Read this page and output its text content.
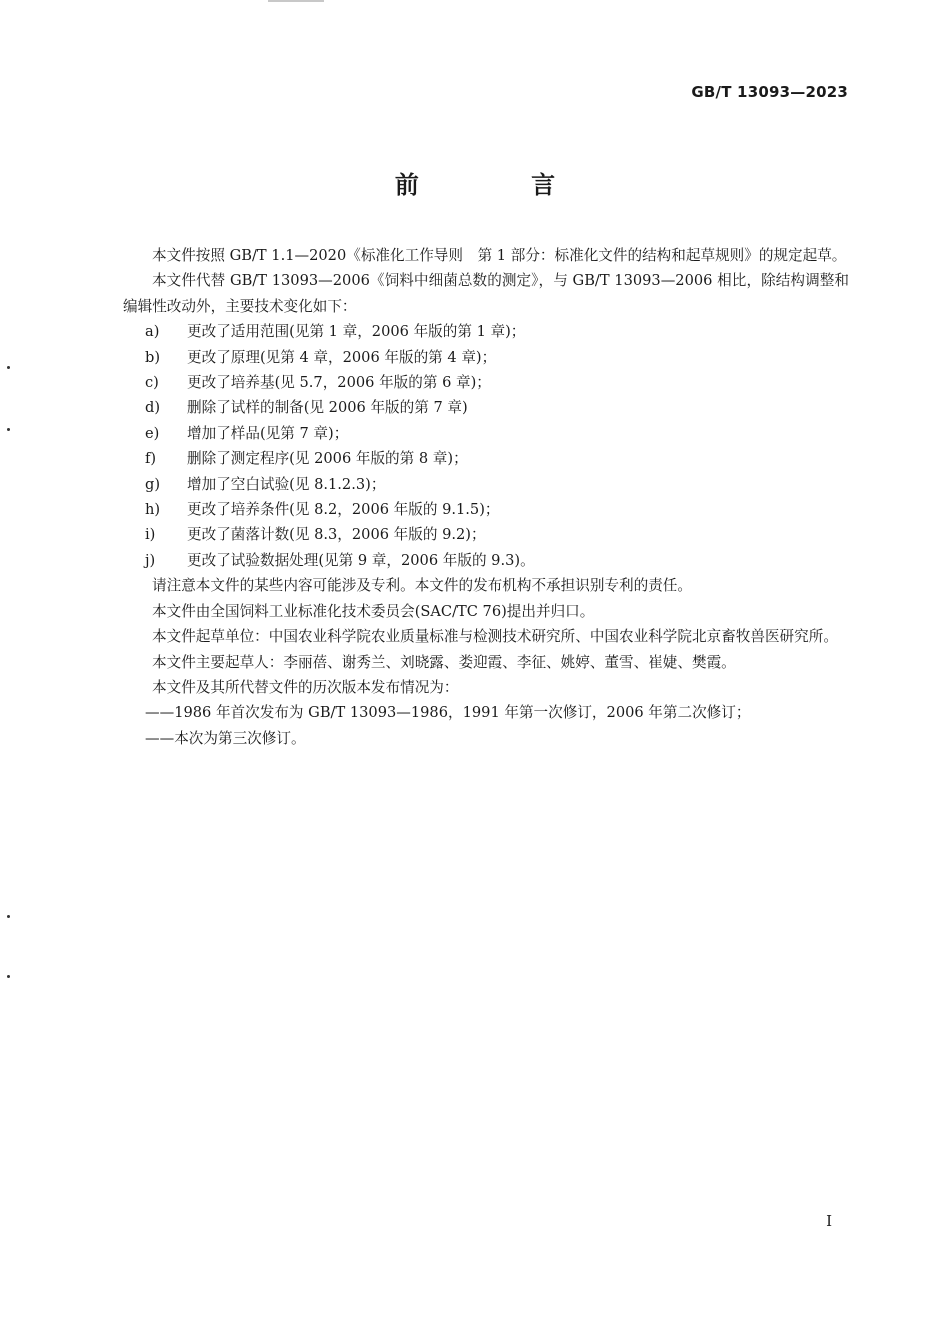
GB/T 13093—2023
前 言

本文件按照 GB/T 1.1—2020《标准化工作导则　第 1 部分：标准化文件的结构和起草规则》的规定起草。

本文件代替 GB/T 13093—2006《饲料中细菌总数的测定》，与 GB/T 13093—2006 相比，除结构调整和编辑性改动外，主要技术变化如下：

a)	更改了适用范围(见第 1 章，2006 年版的第 1 章)；

b)	更改了原理(见第 4 章，2006 年版的第 4 章)；

c)	更改了培养基(见 5.7，2006 年版的第 6 章)；

d)	删除了试样的制备(见 2006 年版的第 7 章)

e)	增加了样品(见第 7 章)；

f)	删除了测定程序(见 2006 年版的第 8 章)；

g)	增加了空白试验(见 8.1.2.3)；

h)	更改了培养条件(见 8.2，2006 年版的 9.1.5)；

i)	更改了菌落计数(见 8.3，2006 年版的 9.2)；

j)	更改了试验数据处理(见第 9 章，2006 年版的 9.3)。

请注意本文件的某些内容可能涉及专利。本文件的发布机构不承担识别专利的责任。

本文件由全国饲料工业标准化技术委员会(SAC/TC 76)提出并归口。

本文件起草单位：中国农业科学院农业质量标准与检测技术研究所、中国农业科学院北京畜牧兽医研究所。

本文件主要起草人：李丽蓓、谢秀兰、刘晓露、娄迎霞、李征、姚婷、董雪、崔婕、樊霞。

本文件及其所代替文件的历次版本发布情况为：

——1986 年首次发布为 GB/T 13093—1986，1991 年第一次修订，2006 年第二次修订；

——本次为第三次修订。

I
